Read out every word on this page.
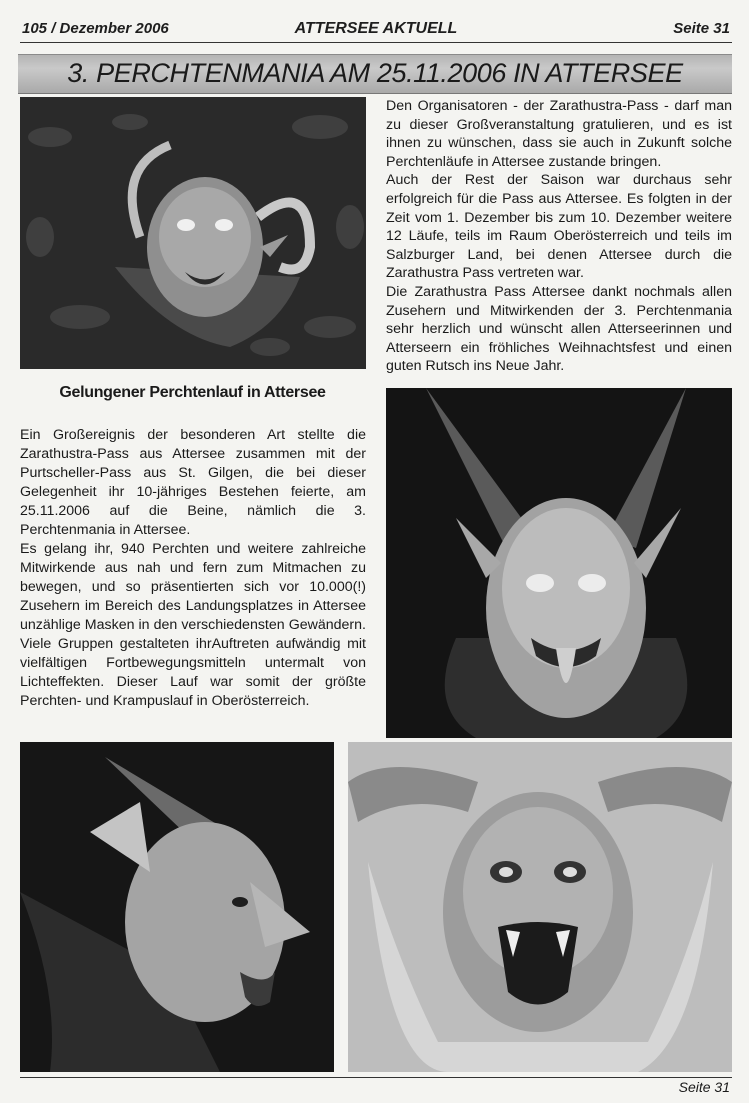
105 / Dezember 2006	ATTERSEE AKTUELL	Seite 31
3. PERCHTENMANIA AM 25.11.2006 IN ATTERSEE
Gelungener Perchtenlauf in Attersee

Ein Großereignis der besonderen Art stellte die Zarathustra-Pass aus Attersee zusammen mit der Purtscheller-Pass aus St. Gilgen, die bei dieser Gelegenheit ihr 10-jähriges Bestehen feierte, am 25.11.2006 auf die Beine, nämlich die 3. Perchtenmania in Attersee.

Es gelang ihr, 940 Perchten und weitere zahlreiche Mitwirkende aus nah und fern zum Mitmachen zu bewegen, und so präsentierten sich vor 10.000(!) Zusehern im Bereich des Landungsplatzes in Attersee unzählige Masken in den verschiedensten Gewändern. Viele Gruppen gestalteten ihrAuftreten aufwändig mit vielfältigen Fortbewegungsmitteln untermalt von Lichteffekten. Dieser Lauf war somit der größte Perchten- und Krampuslauf in Oberösterreich.

Den Organisatoren - der Zarathustra-Pass - darf man zu dieser Großveranstaltung gratulieren, und es ist ihnen zu wünschen, dass sie auch in Zukunft solche Perchtenläufe in Attersee zustande bringen.

Auch der Rest der Saison war durchaus sehr erfolgreich für die Pass aus Attersee. Es folgten in der Zeit vom 1. Dezember bis zum 10. Dezember weitere 12 Läufe, teils im Raum Oberösterreich und teils im Salzburger Land, bei denen Attersee durch die Zarathustra Pass vertreten war.

Die Zarathustra Pass Attersee dankt nochmals allen Zusehern und Mitwirkenden der 3. Perchtenmania sehr herzlich und wünscht allen Atterseerinnen und Atterseern ein fröhliches Weihnachtsfest und einen guten Rutsch ins Neue Jahr.

Seite 31
